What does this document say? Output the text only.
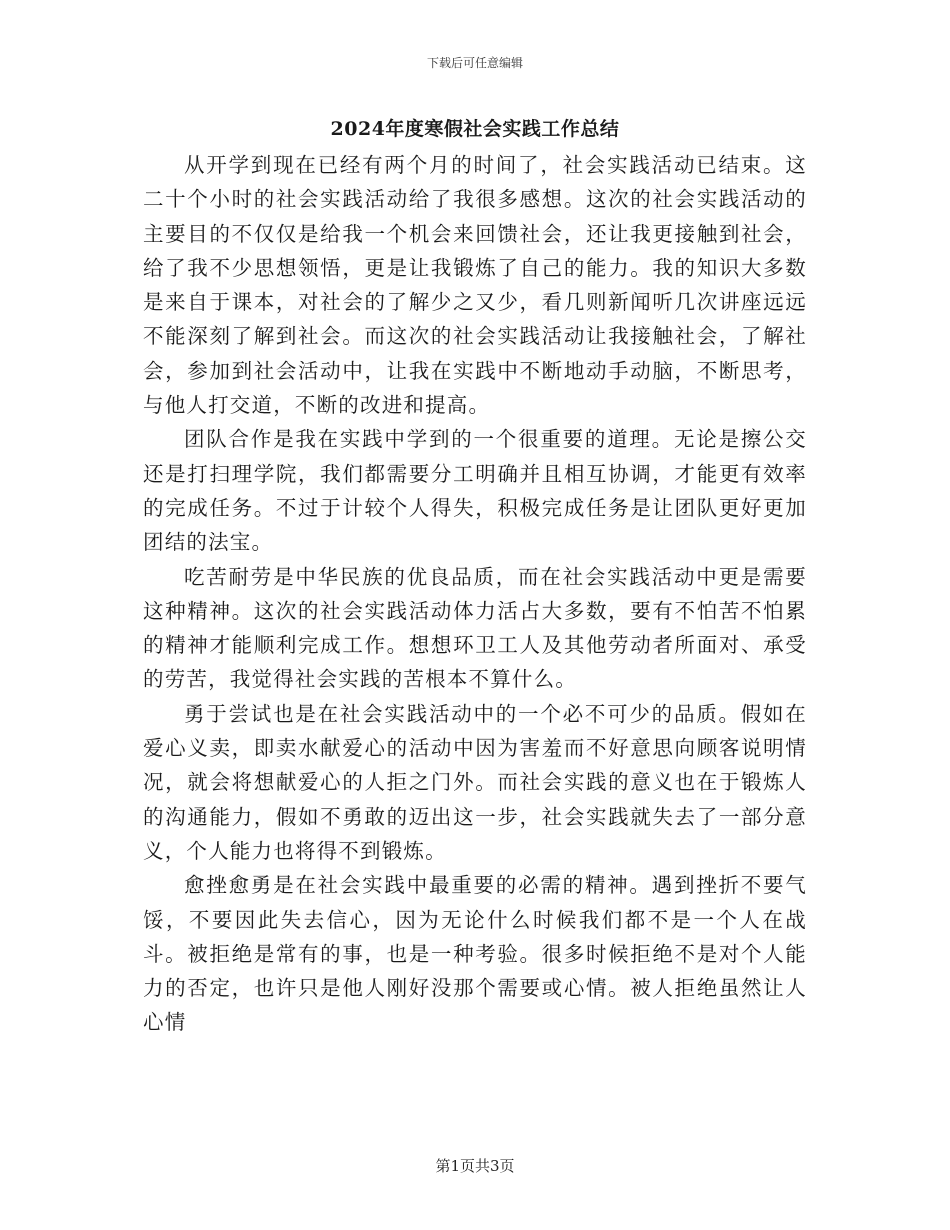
下载后可任意编辑
2024年度寒假社会实践工作总结

从开学到现在已经有两个月的时间了，社会实践活动已结束。这二十个小时的社会实践活动给了我很多感想。这次的社会实践活动的主要目的不仅仅是给我一个机会来回馈社会，还让我更接触到社会，给了我不少思想领悟，更是让我锻炼了自己的能力。我的知识大多数是来自于课本，对社会的了解少之又少，看几则新闻听几次讲座远远不能深刻了解到社会。而这次的社会实践活动让我接触社会，了解社会，参加到社会活动中，让我在实践中不断地动手动脑，不断思考，与他人打交道，不断的改进和提高。

团队合作是我在实践中学到的一个很重要的道理。无论是擦公交还是打扫理学院，我们都需要分工明确并且相互协调，才能更有效率的完成任务。不过于计较个人得失，积极完成任务是让团队更好更加团结的法宝。

吃苦耐劳是中华民族的优良品质，而在社会实践活动中更是需要这种精神。这次的社会实践活动体力活占大多数，要有不怕苦不怕累的精神才能顺利完成工作。想想环卫工人及其他劳动者所面对、承受的劳苦，我觉得社会实践的苦根本不算什么。

勇于尝试也是在社会实践活动中的一个必不可少的品质。假如在爱心义卖，即卖水献爱心的活动中因为害羞而不好意思向顾客说明情况，就会将想献爱心的人拒之门外。而社会实践的意义也在于锻炼人的沟通能力，假如不勇敢的迈出这一步，社会实践就失去了一部分意义，个人能力也将得不到锻炼。

愈挫愈勇是在社会实践中最重要的必需的精神。遇到挫折不要气馁，不要因此失去信心，因为无论什么时候我们都不是一个人在战斗。被拒绝是常有的事，也是一种考验。很多时候拒绝不是对个人能力的否定，也许只是他人刚好没那个需要或心情。被人拒绝虽然让人心情

第1页共3页
